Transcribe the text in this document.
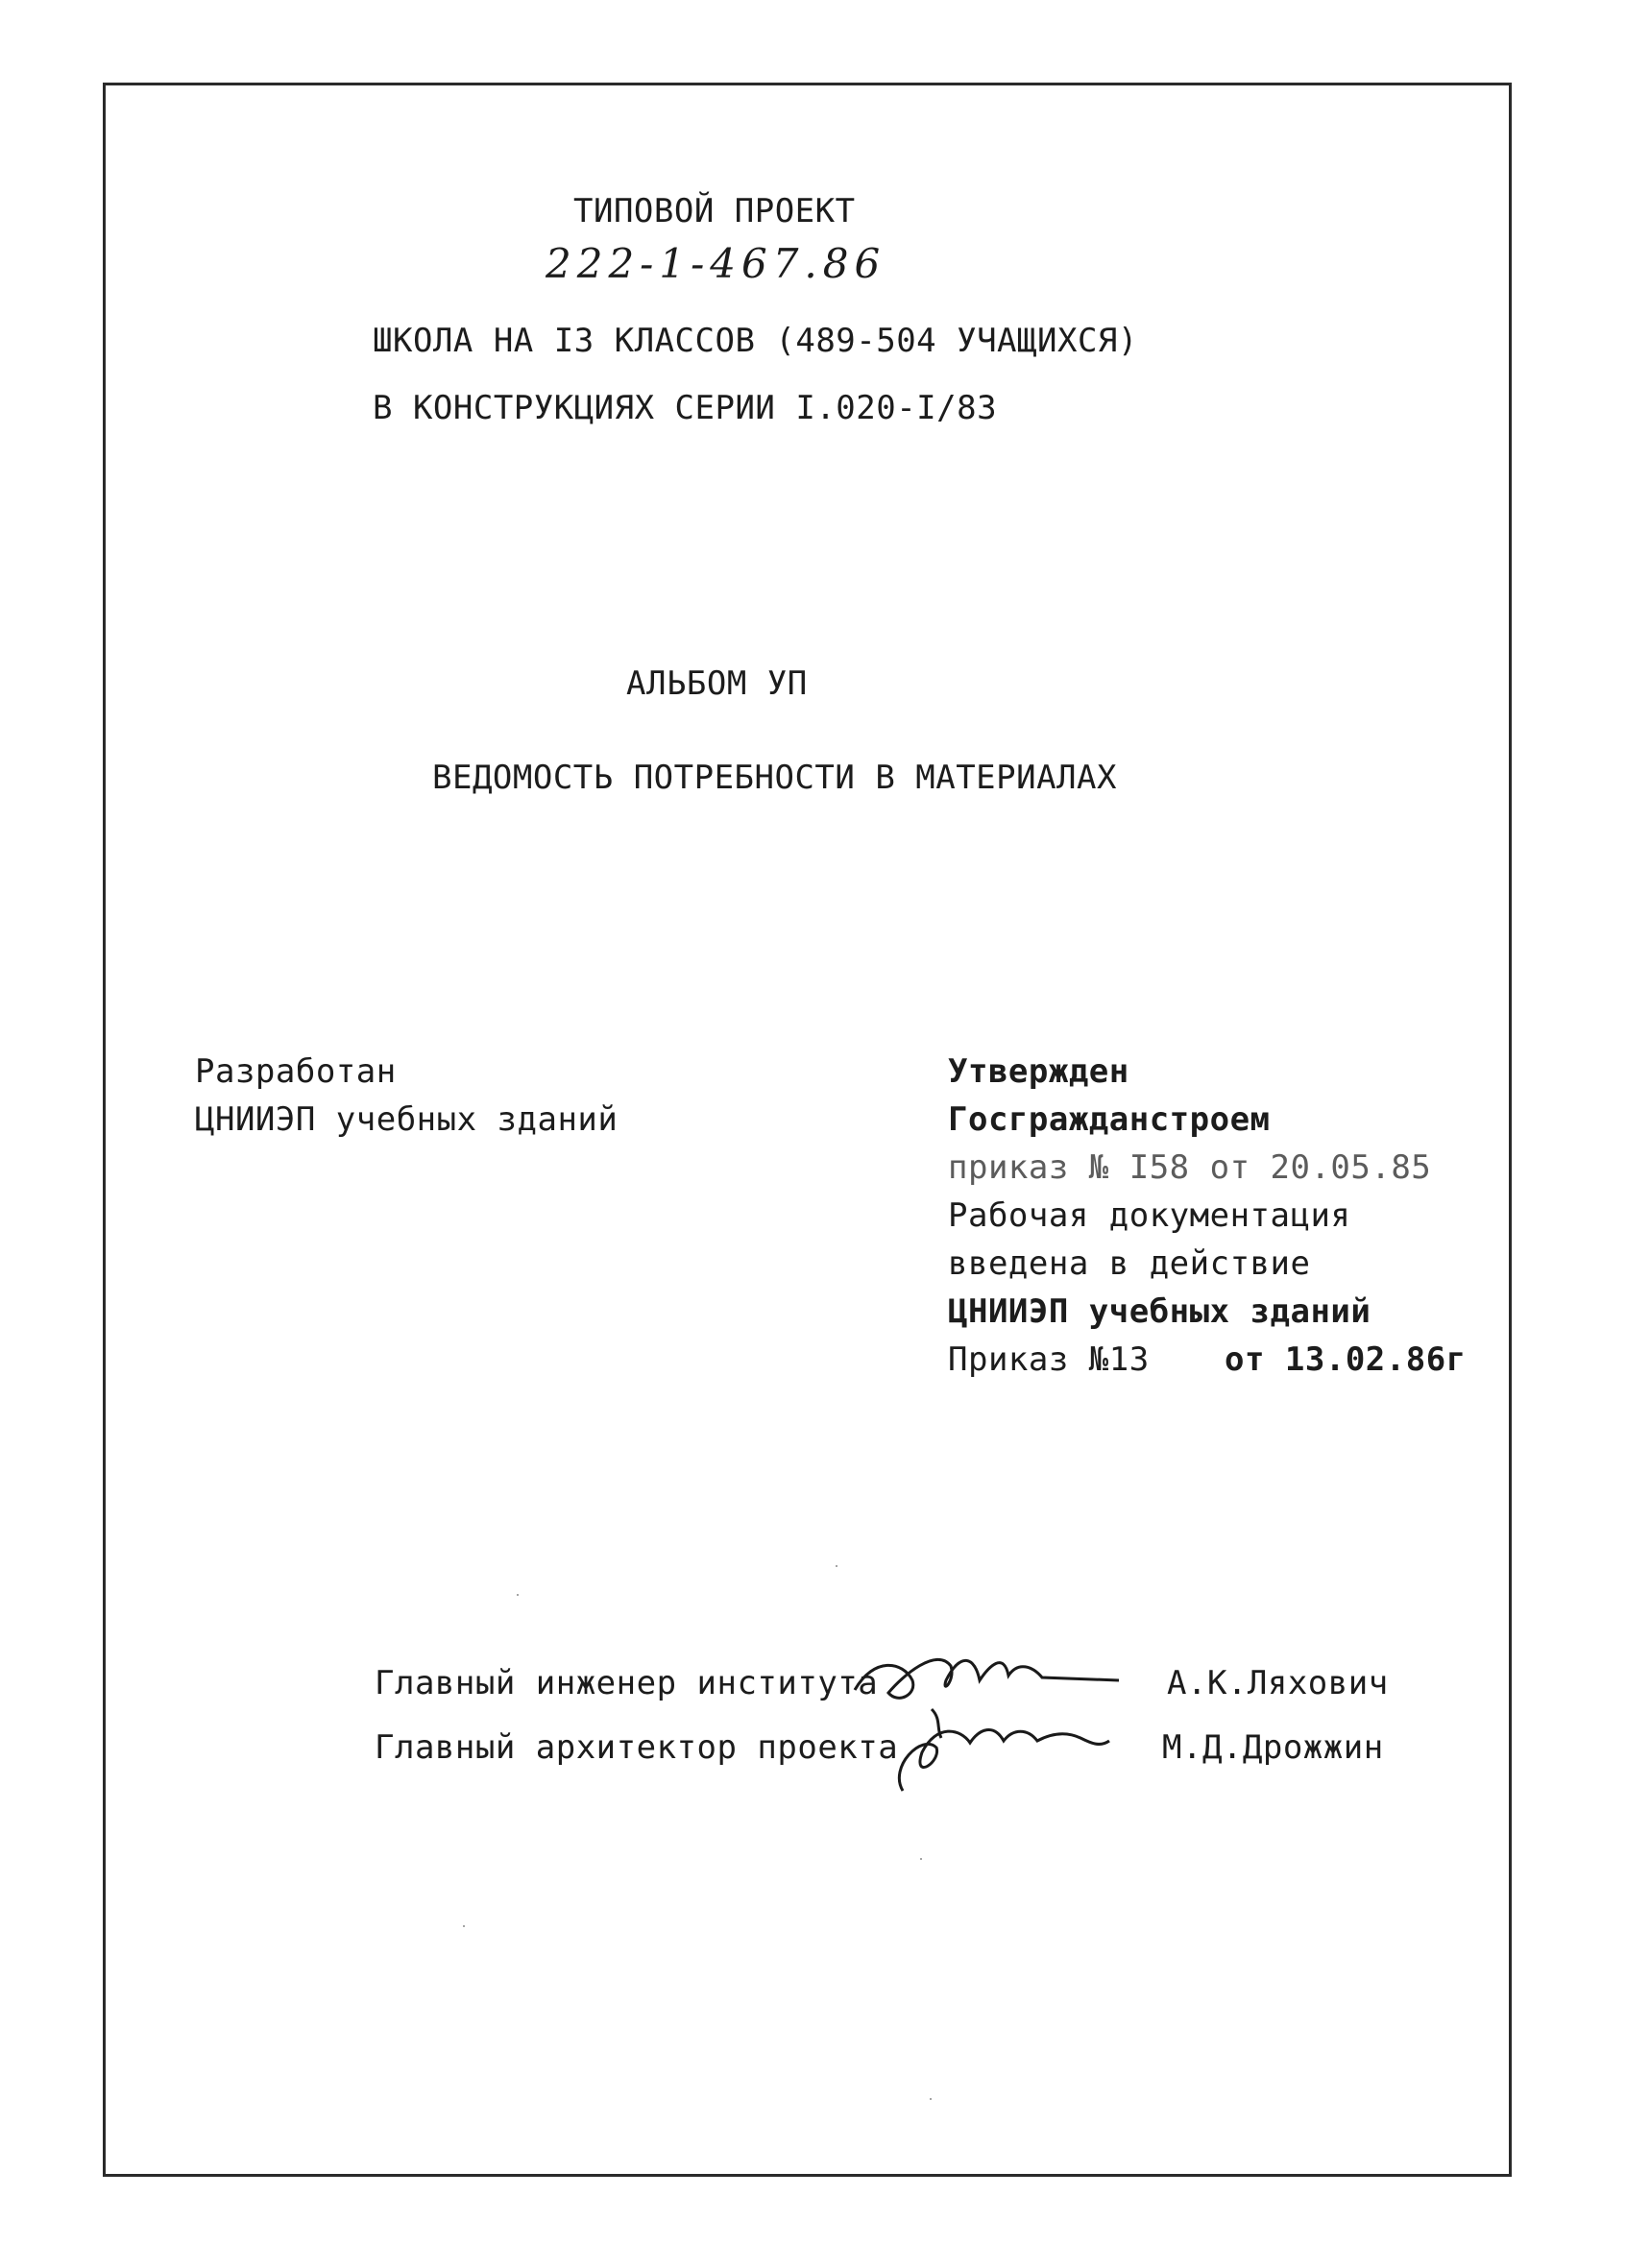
ТИПОВОЙ ПРОЕКТ
222-1-467.86
ШКОЛА НА I3 КЛАССОВ (489-504 УЧАЩИХСЯ)
В КОНСТРУКЦИЯХ СЕРИИ I.020-I/83
АЛЬБОМ УП
ВЕДОМОСТЬ ПОТРЕБНОСТИ В МАТЕРИАЛАХ
Разработан
ЦНИИЭП учебных зданий
Утвержден
Госгражданстроем
приказ № I58 от 20.05.85
Рабочая документация
введена в действие
ЦНИИЭП учебных зданий
Приказ №13 от 13.02.86г
Главный инженер института	А.К.Ляхович
Главный архитектор проекта	М.Д.Дрожжин
